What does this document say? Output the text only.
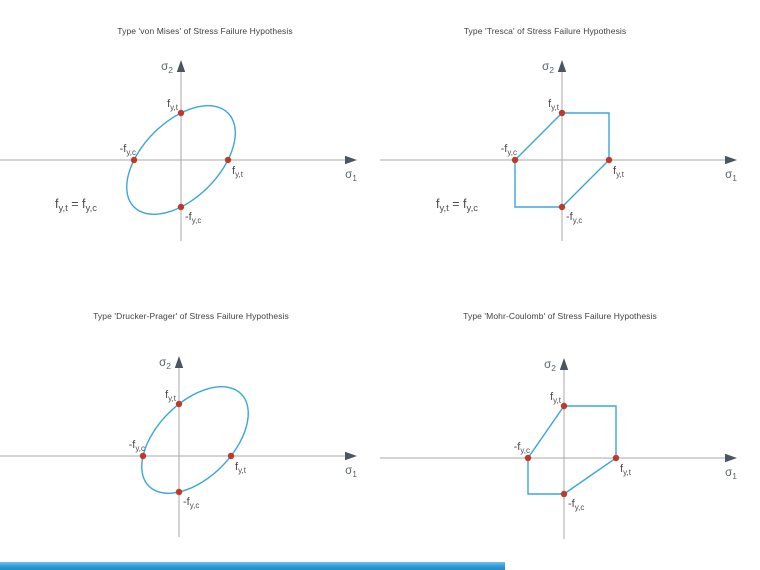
Type 'von Mises' of Stress Failure Hypothesis
$\sigma_1$
$\sigma_2$
$f_{y,t}$
$f_{y,t}$
$-f_{y,c}$
$-f_{y,c}$
$f_{y,t} = f_{y,c}$
Type 'Tresca' of Stress Failure Hypothesis
$\sigma_1$
$\sigma_2$
$f_{y,t}$
$f_{y,t}$
$-f_{y,c}$
$-f_{y,c}$
$f_{y,t} = f_{y,c}$
Type 'Drucker-Prager' of Stress Failure Hypothesis
$\sigma_1$
$\sigma_2$
$f_{y,t}$
$f_{y,t}$
$-f_{y,c}$
$-f_{y,c}$
Type 'Mohr-Coulomb' of Stress Failure Hypothesis
$\sigma_1$
$\sigma_2$
$f_{y,t}$
$f_{y,t}$
$-f_{y,c}$
$-f_{y,c}$
